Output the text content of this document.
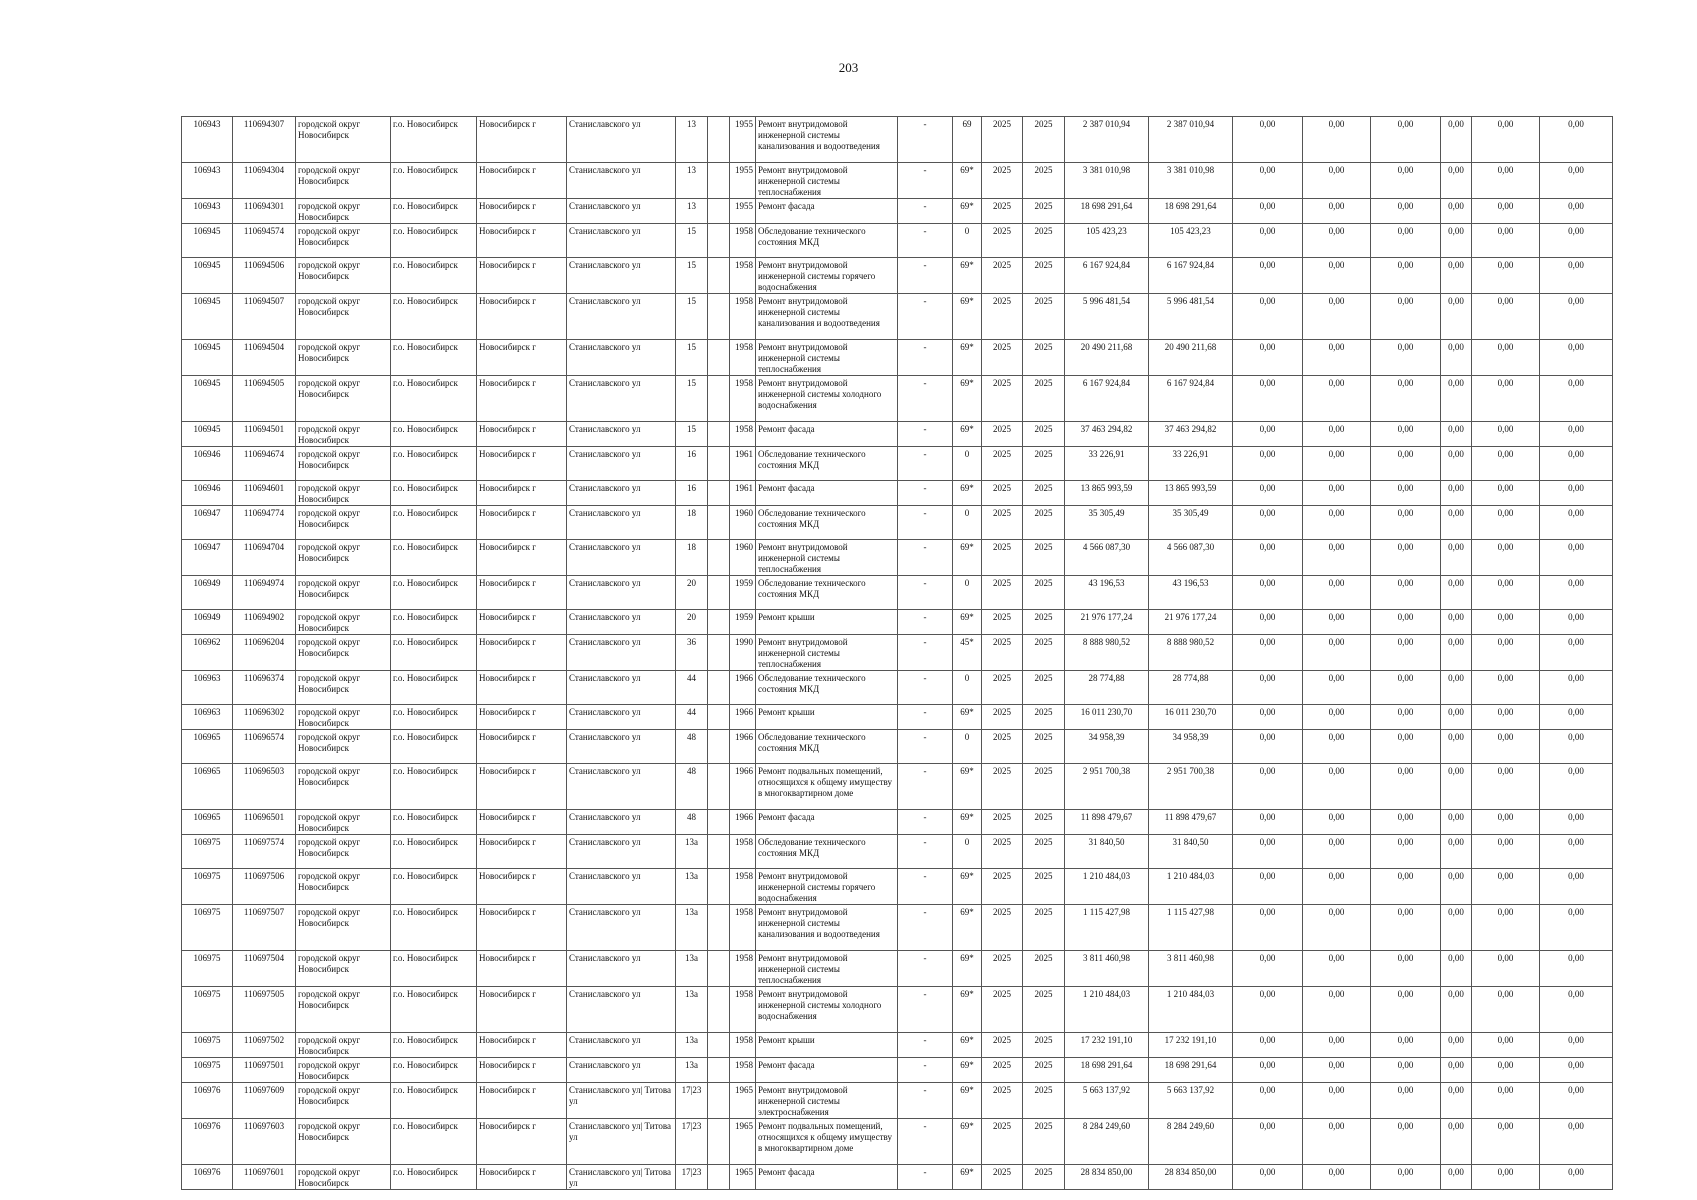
203
106943	110694307	городской округ Новосибирск	г.о. Новосибирск	Новосибирск г	Станиславского ул	13		1955	Ремонт внутридомовой инженерной системы канализования и водоотведения	-	69	2025	2025	2 387 010,94	2 387 010,94	0,00	0,00	0,00	0,00	0,00	0,00
106943	110694304	городской округ Новосибирск	г.о. Новосибирск	Новосибирск г	Станиславского ул	13		1955	Ремонт внутридомовой инженерной системы теплоснабжения	-	69*	2025	2025	3 381 010,98	3 381 010,98	0,00	0,00	0,00	0,00	0,00	0,00
106943	110694301	городской округ Новосибирск	г.о. Новосибирск	Новосибирск г	Станиславского ул	13		1955	Ремонт фасада	-	69*	2025	2025	18 698 291,64	18 698 291,64	0,00	0,00	0,00	0,00	0,00	0,00
106945	110694574	городской округ Новосибирск	г.о. Новосибирск	Новосибирск г	Станиславского ул	15		1958	Обследование технического состояния МКД	-	0	2025	2025	105 423,23	105 423,23	0,00	0,00	0,00	0,00	0,00	0,00
106945	110694506	городской округ Новосибирск	г.о. Новосибирск	Новосибирск г	Станиславского ул	15		1958	Ремонт внутридомовой инженерной системы горячего водоснабжения	-	69*	2025	2025	6 167 924,84	6 167 924,84	0,00	0,00	0,00	0,00	0,00	0,00
106945	110694507	городской округ Новосибирск	г.о. Новосибирск	Новосибирск г	Станиславского ул	15		1958	Ремонт внутридомовой инженерной системы канализования и водоотведения	-	69*	2025	2025	5 996 481,54	5 996 481,54	0,00	0,00	0,00	0,00	0,00	0,00
106945	110694504	городской округ Новосибирск	г.о. Новосибирск	Новосибирск г	Станиславского ул	15		1958	Ремонт внутридомовой инженерной системы теплоснабжения	-	69*	2025	2025	20 490 211,68	20 490 211,68	0,00	0,00	0,00	0,00	0,00	0,00
106945	110694505	городской округ Новосибирск	г.о. Новосибирск	Новосибирск г	Станиславского ул	15		1958	Ремонт внутридомовой инженерной системы холодного водоснабжения	-	69*	2025	2025	6 167 924,84	6 167 924,84	0,00	0,00	0,00	0,00	0,00	0,00
106945	110694501	городской округ Новосибирск	г.о. Новосибирск	Новосибирск г	Станиславского ул	15		1958	Ремонт фасада	-	69*	2025	2025	37 463 294,82	37 463 294,82	0,00	0,00	0,00	0,00	0,00	0,00
106946	110694674	городской округ Новосибирск	г.о. Новосибирск	Новосибирск г	Станиславского ул	16		1961	Обследование технического состояния МКД	-	0	2025	2025	33 226,91	33 226,91	0,00	0,00	0,00	0,00	0,00	0,00
106946	110694601	городской округ Новосибирск	г.о. Новосибирск	Новосибирск г	Станиславского ул	16		1961	Ремонт фасада	-	69*	2025	2025	13 865 993,59	13 865 993,59	0,00	0,00	0,00	0,00	0,00	0,00
106947	110694774	городской округ Новосибирск	г.о. Новосибирск	Новосибирск г	Станиславского ул	18		1960	Обследование технического состояния МКД	-	0	2025	2025	35 305,49	35 305,49	0,00	0,00	0,00	0,00	0,00	0,00
106947	110694704	городской округ Новосибирск	г.о. Новосибирск	Новосибирск г	Станиславского ул	18		1960	Ремонт внутридомовой инженерной системы теплоснабжения	-	69*	2025	2025	4 566 087,30	4 566 087,30	0,00	0,00	0,00	0,00	0,00	0,00
106949	110694974	городской округ Новосибирск	г.о. Новосибирск	Новосибирск г	Станиславского ул	20		1959	Обследование технического состояния МКД	-	0	2025	2025	43 196,53	43 196,53	0,00	0,00	0,00	0,00	0,00	0,00
106949	110694902	городской округ Новосибирск	г.о. Новосибирск	Новосибирск г	Станиславского ул	20		1959	Ремонт крыши	-	69*	2025	2025	21 976 177,24	21 976 177,24	0,00	0,00	0,00	0,00	0,00	0,00
106962	110696204	городской округ Новосибирск	г.о. Новосибирск	Новосибирск г	Станиславского ул	36		1990	Ремонт внутридомовой инженерной системы теплоснабжения	-	45*	2025	2025	8 888 980,52	8 888 980,52	0,00	0,00	0,00	0,00	0,00	0,00
106963	110696374	городской округ Новосибирск	г.о. Новосибирск	Новосибирск г	Станиславского ул	44		1966	Обследование технического состояния МКД	-	0	2025	2025	28 774,88	28 774,88	0,00	0,00	0,00	0,00	0,00	0,00
106963	110696302	городской округ Новосибирск	г.о. Новосибирск	Новосибирск г	Станиславского ул	44		1966	Ремонт крыши	-	69*	2025	2025	16 011 230,70	16 011 230,70	0,00	0,00	0,00	0,00	0,00	0,00
106965	110696574	городской округ Новосибирск	г.о. Новосибирск	Новосибирск г	Станиславского ул	48		1966	Обследование технического состояния МКД	-	0	2025	2025	34 958,39	34 958,39	0,00	0,00	0,00	0,00	0,00	0,00
106965	110696503	городской округ Новосибирск	г.о. Новосибирск	Новосибирск г	Станиславского ул	48		1966	Ремонт подвальных помещений, относящихся к общему имуществу в многоквартирном доме	-	69*	2025	2025	2 951 700,38	2 951 700,38	0,00	0,00	0,00	0,00	0,00	0,00
106965	110696501	городской округ Новосибирск	г.о. Новосибирск	Новосибирск г	Станиславского ул	48		1966	Ремонт фасада	-	69*	2025	2025	11 898 479,67	11 898 479,67	0,00	0,00	0,00	0,00	0,00	0,00
106975	110697574	городской округ Новосибирск	г.о. Новосибирск	Новосибирск г	Станиславского ул	13а		1958	Обследование технического состояния МКД	-	0	2025	2025	31 840,50	31 840,50	0,00	0,00	0,00	0,00	0,00	0,00
106975	110697506	городской округ Новосибирск	г.о. Новосибирск	Новосибирск г	Станиславского ул	13а		1958	Ремонт внутридомовой инженерной системы горячего водоснабжения	-	69*	2025	2025	1 210 484,03	1 210 484,03	0,00	0,00	0,00	0,00	0,00	0,00
106975	110697507	городской округ Новосибирск	г.о. Новосибирск	Новосибирск г	Станиславского ул	13а		1958	Ремонт внутридомовой инженерной системы канализования и водоотведения	-	69*	2025	2025	1 115 427,98	1 115 427,98	0,00	0,00	0,00	0,00	0,00	0,00
106975	110697504	городской округ Новосибирск	г.о. Новосибирск	Новосибирск г	Станиславского ул	13а		1958	Ремонт внутридомовой инженерной системы теплоснабжения	-	69*	2025	2025	3 811 460,98	3 811 460,98	0,00	0,00	0,00	0,00	0,00	0,00
106975	110697505	городской округ Новосибирск	г.о. Новосибирск	Новосибирск г	Станиславского ул	13а		1958	Ремонт внутридомовой инженерной системы холодного водоснабжения	-	69*	2025	2025	1 210 484,03	1 210 484,03	0,00	0,00	0,00	0,00	0,00	0,00
106975	110697502	городской округ Новосибирск	г.о. Новосибирск	Новосибирск г	Станиславского ул	13а		1958	Ремонт крыши	-	69*	2025	2025	17 232 191,10	17 232 191,10	0,00	0,00	0,00	0,00	0,00	0,00
106975	110697501	городской округ Новосибирск	г.о. Новосибирск	Новосибирск г	Станиславского ул	13а		1958	Ремонт фасада	-	69*	2025	2025	18 698 291,64	18 698 291,64	0,00	0,00	0,00	0,00	0,00	0,00
106976	110697609	городской округ Новосибирск	г.о. Новосибирск	Новосибирск г	Станиславского ул| Титова ул	17|23		1965	Ремонт внутридомовой инженерной системы электроснабжения	-	69*	2025	2025	5 663 137,92	5 663 137,92	0,00	0,00	0,00	0,00	0,00	0,00
106976	110697603	городской округ Новосибирск	г.о. Новосибирск	Новосибирск г	Станиславского ул| Титова ул	17|23		1965	Ремонт подвальных помещений, относящихся к общему имуществу в многоквартирном доме	-	69*	2025	2025	8 284 249,60	8 284 249,60	0,00	0,00	0,00	0,00	0,00	0,00
106976	110697601	городской округ Новосибирск	г.о. Новосибирск	Новосибирск г	Станиславского ул| Титова ул	17|23		1965	Ремонт фасада	-	69*	2025	2025	28 834 850,00	28 834 850,00	0,00	0,00	0,00	0,00	0,00	0,00
